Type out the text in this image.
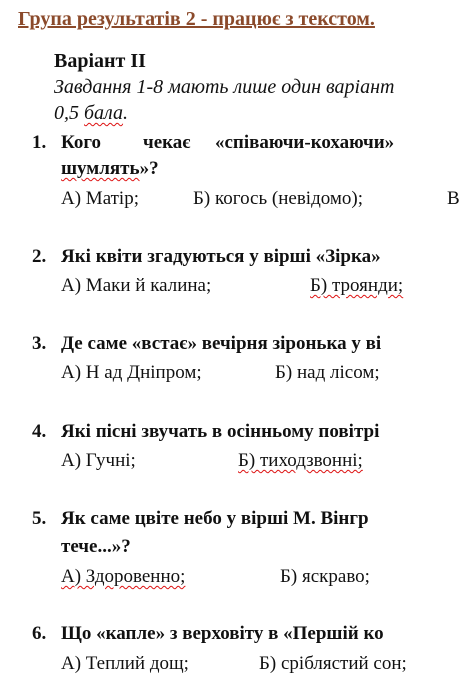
Група результатів 2 - працює з текстом.
Варіант ІІ
Завдання 1-8 мають лише один варіант
0,5 бала.
1. Кого чекає «співаючи-кохаючи»
шумлять»?
А) Матір;	Б) когось (невідомо);	В
2. Які квіти згадуються у вірші «Зірка»
А) Маки й калина;	Б) троянди;
3. Де саме «встає» вечірня зіронька у ві
А) Н ад Дніпром;	Б) над лісом;
4. Які пісні звучать в осінньому повітрі
А) Гучні;	Б) тиходзвонні;
5. Як саме цвіте небо у вірші М. Вінгр
тече...»?
А) Здоровенно;	Б) яскраво;
6. Що «капле» з верховіту в «Першій ко
А) Теплий дощ;	Б) сріблястий сон;
